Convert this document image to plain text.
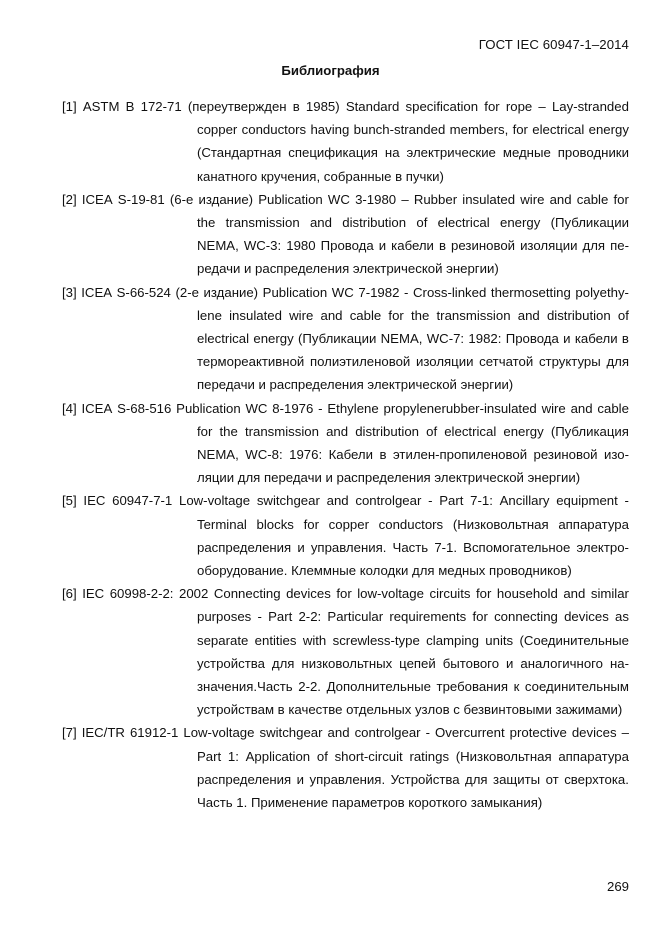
ГОСТ IEC 60947-1–2014
Библиография
[1] ASTM B 172-71 (переутвержден в 1985) Standard specification for rope – Lay-stranded
copper conductors having bunch-stranded members, for electrical energy
(Стандартная спецификация на электрические медные проводники
канатного кручения, собранные в пучки)
[2] ICEA S-19-81 (6-е издание) Publication WC 3-1980 – Rubber insulated wire and cable for
the transmission and distribution of electrical energy (Публикации
NEMA, WC-3: 1980 Провода и кабели в резиновой изоляции для пе-
редачи и распределения электрической энергии)
[3] ICEA S-66-524 (2-е издание) Publication WC 7-1982 - Cross-linked thermosetting polyethy-
lene insulated wire and cable for the transmission and distribution of
electrical energy (Публикации NEMA, WC-7: 1982: Провода и кабели в
термореактивной полиэтиленовой изоляции сетчатой структуры для
передачи и распределения электрической энергии)
[4] ICEA S-68-516 Publication WC 8-1976 - Ethylene propylenerubber-insulated wire and cable
for the transmission and distribution of electrical energy (Публикация
NEMA, WC-8: 1976: Кабели в этилен-пропиленовой резиновой изо-
ляции для передачи и распределения электрической энергии)
[5] IEC 60947-7-1 Low-voltage switchgear and controlgear - Part 7-1: Ancillary equipment -
Terminal blocks for copper conductors (Низковольтная аппаратура
распределения и управления. Часть 7-1. Вспомогательное электро-
оборудование. Клеммные колодки для медных проводников)
[6] IEC 60998-2-2: 2002 Connecting devices for low-voltage circuits for household and similar
purposes - Part 2-2: Particular requirements for connecting devices as
separate entities with screwless-type clamping units (Соединительные
устройства для низковольтных цепей бытового и аналогичного на-
значения.Часть 2-2. Дополнительные требования к соединительным
устройствам в качестве отдельных узлов с безвинтовыми зажимами)
[7] IEC/TR 61912-1 Low-voltage switchgear and controlgear - Overcurrent protective devices –
Part 1: Application of short-circuit ratings (Низковольтная аппаратура
распределения и управления. Устройства для защиты от сверхтока.
Часть 1. Применение параметров короткого замыкания)
269
